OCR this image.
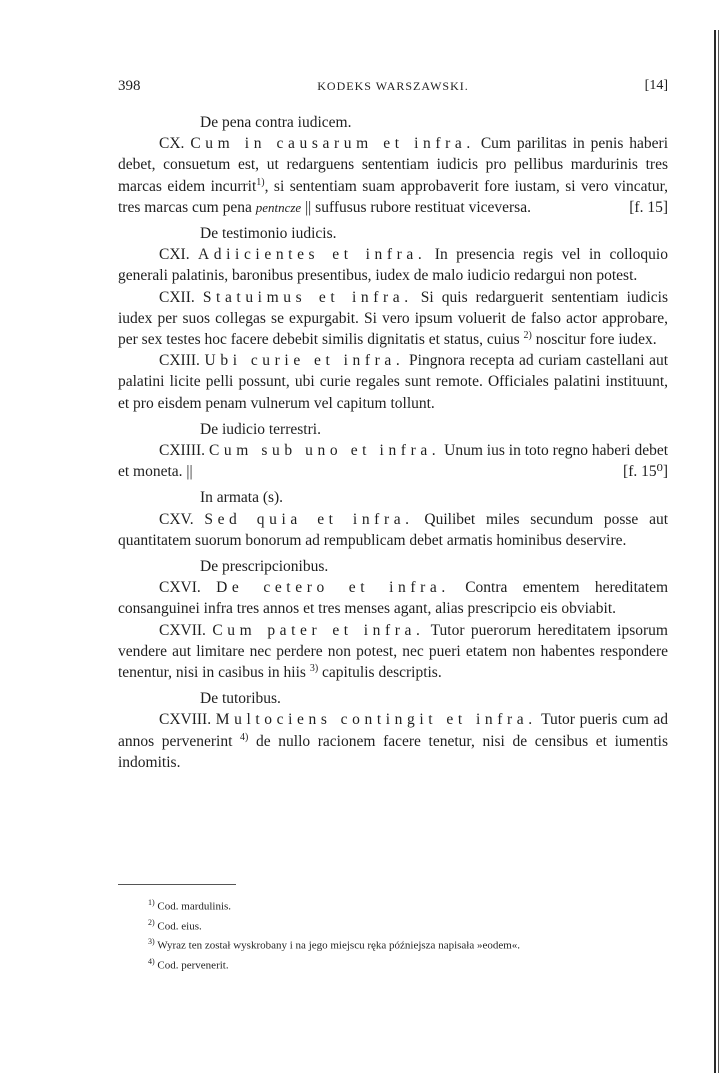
398	KODEKS WARSZAWSKI.	[14]

De pena contra iudicem.

CX. Cum in causarum et infra. Cum parilitas in penis haberi debet, consuetum est, ut redarguens sententiam iudicis pro pellibus mardurinis tres marcas eidem incurrit$^{1)}$, si sententiam suam approbaverit fore iustam, si vero vincatur, tres marcas cum pena pentncze || suffusus rubore	[f. 15]
restituat viceversa.

De testimonio iudicis.

CXI. Adiicientes et infra. In presencia regis vel in colloquio generali palatinis, baronibus presentibus, iudex de malo iudicio redargui non potest.

CXII. Statuimus et infra. Si quis redarguerit sententiam iudicis iudex per suos collegas se expurgabit. Si vero ipsum voluerit de falso actor approbare, per sex testes hoc facere debebit similis dignitatis et status, cuius $^{2)}$ noscitur fore iudex.

CXIII. Ubi curie et infra. Pingnora recepta ad curiam castellani aut palatini licite pelli possunt, ubi curie regales sunt remote. Officiales palatini instituunt, et pro eisdem penam vulnerum vel capitum tollunt.

De iudicio terrestri.

CXIIII. Cum sub uno et infra. Unum ius in toto regno haberi debet et moneta. ||	[f. 15⁰]

In armata (s).

CXV. Sed quia et infra. Quilibet miles secundum posse aut quantitatem suorum bonorum ad rempublicam debet armatis hominibus deservire.

De prescripcionibus.

CXVI. De cetero et infra. Contra ementem hereditatem consanguinei infra tres annos et tres menses agant, alias prescripcio eis obviabit.

CXVII. Cum pater et infra. Tutor puerorum hereditatem ipsorum vendere aut limitare nec perdere non potest, nec pueri etatem non habentes respondere tenentur, nisi in casibus in hiis $^{3)}$ capitulis descriptis.

De tutoribus.

CXVIII. Multociens contingit et infra. Tutor pueris cum ad annos pervenerint $^{4)}$ de nullo racionem facere tenetur, nisi de censibus et iumentis indomitis.

$^{1)}$ Cod. mardulinis.
$^{2)}$ Cod. eius.
$^{3)}$ Wyraz ten został wyskrobany i na jego miejscu ręka późniejsza napisała »eodem«.
$^{4)}$ Cod. pervenerit.
